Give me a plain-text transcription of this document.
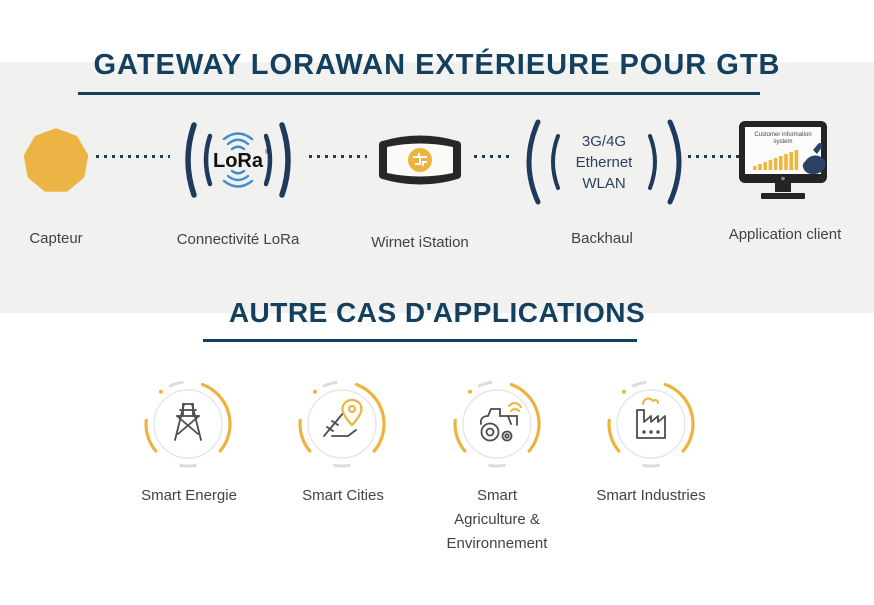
GATEWAY LORAWAN EXTÉRIEURE POUR GTB
LoRa ®
3G/4G
Ethernet
WLAN
Customer information
system
Capteur	Connectivité LoRa	Wirnet iStation	Backhaul	Application client
AUTRE CAS D'APPLICATIONS
Smart Energie	Smart Cities	Smart
Agriculture &
Environnement
Smart Industries
